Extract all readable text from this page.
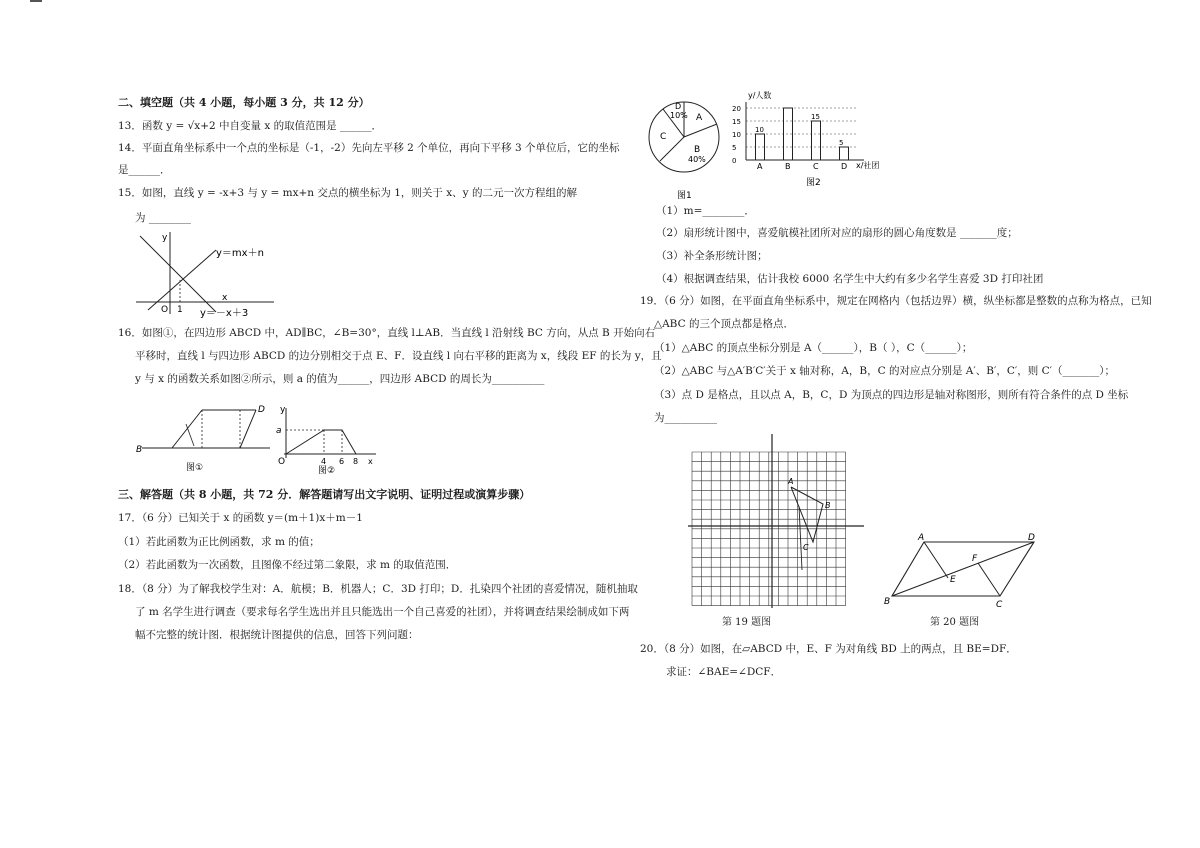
二、填空题（共 4 小题，每小题 3 分，共 12 分）
13．函数 y = √x+2 中自变量 x 的取值范围是 ______．
14．平面直角坐标系中一个点的坐标是（-1，-2）先向左平移 2 个单位，再向下平移 3 个单位后，它的坐标
是______．
15．如图，直线 y = -x+3 与 y = mx+n 交点的横坐标为 1，则关于 x、y 的二元一次方程组的解
为 ________
y
x
O 1
y＝mx＋n
y＝－x＋3
16．如图①，在四边形 ABCD 中，AD∥BC，∠B=30°，直线 l⊥AB．当直线 l 沿射线 BC 方向，从点 B 开始向右
平移时，直线 l 与四边形 ABCD 的边分别相交于点 E、F．设直线 l 向右平移的距离为 x，线段 EF 的长为 y，且
y 与 x 的函数关系如图②所示，则 a 的值为______，四边形 ABCD 的周长为__________
B
D
图①
y
a
O	4 6 8 x
图②
三、解答题（共 8 小题，共 72 分．解答题请写出文字说明、证明过程或演算步骤）
17．（6 分）已知关于 x 的函数 y＝(m＋1)x＋m－1
（1）若此函数为正比例函数，求 m 的值；
（2）若此函数为一次函数，且图像不经过第二象限，求 m 的取值范围．
18．（8 分）为了解我校学生对：A．航模；B．机器人；C．3D 打印；D．扎染四个社团的喜爱情况，随机抽取
了 m 名学生进行调查（要求每名学生选出并且只能选出一个自己喜爱的社团），并将调查结果绘制成如下两
幅不完整的统计图．根据统计图提供的信息，回答下列问题：
D
10% A
C
B
40%
图1
20
15
10
5
0
10
A	B
15
C
5
D
y/人数
x/社团
图2
（1）m=________．
（2）扇形统计图中，喜爱航模社团所对应的扇形的圆心角度数是 _______度；
（3）补全条形统计图；
（4）根据调查结果，估计我校 6000 名学生中大约有多少名学生喜爱 3D 打印社团
19．（6 分）如图，在平面直角坐标系中，规定在网格内（包括边界）横，纵坐标都是整数的点称为格点，已知
△ABC 的三个顶点都是格点．
（1）△ABC 的顶点坐标分别是 A（______），B（ ），C（______）；
（2）△ABC 与△A′B′C′关于 x 轴对称，A，B，C 的对应点分别是 A′、B′，C′，则 C′（_______）；
（3）点 D 是格点，且以点 A，B，C，D 为顶点的四边形是轴对称图形，则所有符合条件的点 D 坐标
为__________
A
B
C
第 19 题图
A
B	C
D
E
F
第 20 题图
20．（8 分）如图，在▱ABCD 中，E、F 为对角线 BD 上的两点，且 BE=DF．
求证：∠BAE=∠DCF．
